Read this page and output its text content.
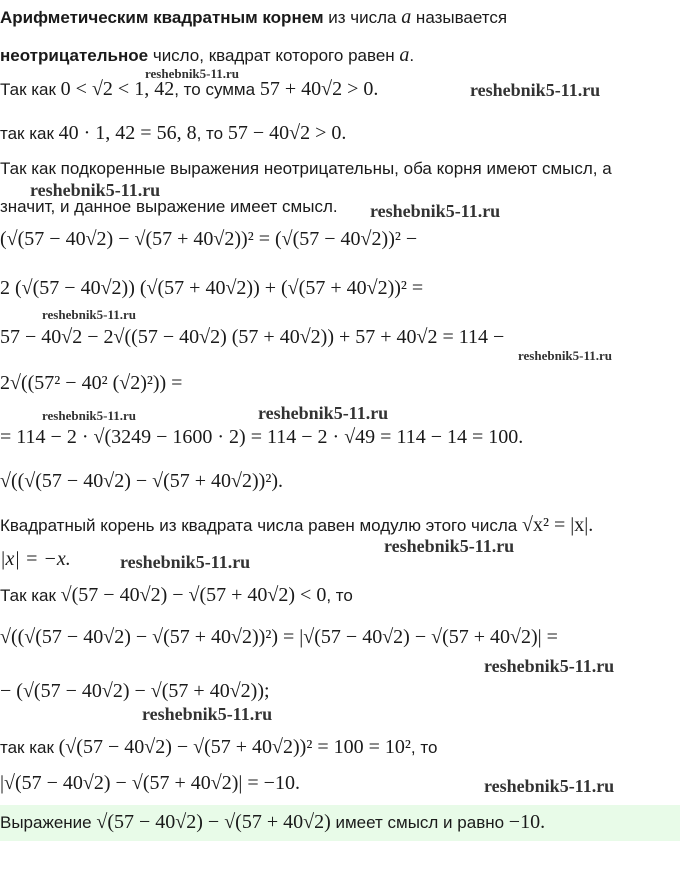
Арифметическим квадратным корнем из числа a называется
неотрицательное число, квадрат которого равен a.
Так как 0 < √2 < 1, 42, то сумма 57 + 40√2 > 0.
так как 40 · 1, 42 = 56, 8, то 57 − 40√2 > 0.
Так как подкоренные выражения неотрицательны, оба корня имеют смысл, а
значит, и данное выражение имеет смысл.
(√(57 − 40√2) − √(57 + 40√2))² = (√(57 − 40√2))² −
2 (√(57 − 40√2)) (√(57 + 40√2)) + (√(57 + 40√2))² =
57 − 40√2 − 2√((57 − 40√2) (57 + 40√2)) + 57 + 40√2 = 114 −
2√((57² − 40² (√2)²)) =
= 114 − 2 · √(3249 − 1600 · 2) = 114 − 2 · √49 = 114 − 14 = 100.
√((√(57 − 40√2) − √(57 + 40√2))²).
Квадратный корень из квадрата числа равен модулю этого числа √x² = |x|.
|x| = −x.
Так как √(57 − 40√2) − √(57 + 40√2) < 0, то
√((√(57 − 40√2) − √(57 + 40√2))²) = |√(57 − 40√2) − √(57 + 40√2)| =
− (√(57 − 40√2) − √(57 + 40√2));
так как (√(57 − 40√2) − √(57 + 40√2))² = 100 = 10², то
|√(57 − 40√2) − √(57 + 40√2)| = −10.
Выражение √(57 − 40√2) − √(57 + 40√2) имеет смысл и равно −10.
reshebnik5-11.ru
reshebnik5-11.ru
reshebnik5-11.ru
reshebnik5-11.ru
reshebnik5-11.ru
reshebnik5-11.ru
reshebnik5-11.ru	reshebnik5-11.ru
reshebnik5-11.ru
reshebnik5-11.ru
reshebnik5-11.ru
reshebnik5-11.ru
reshebnik5-11.ru
